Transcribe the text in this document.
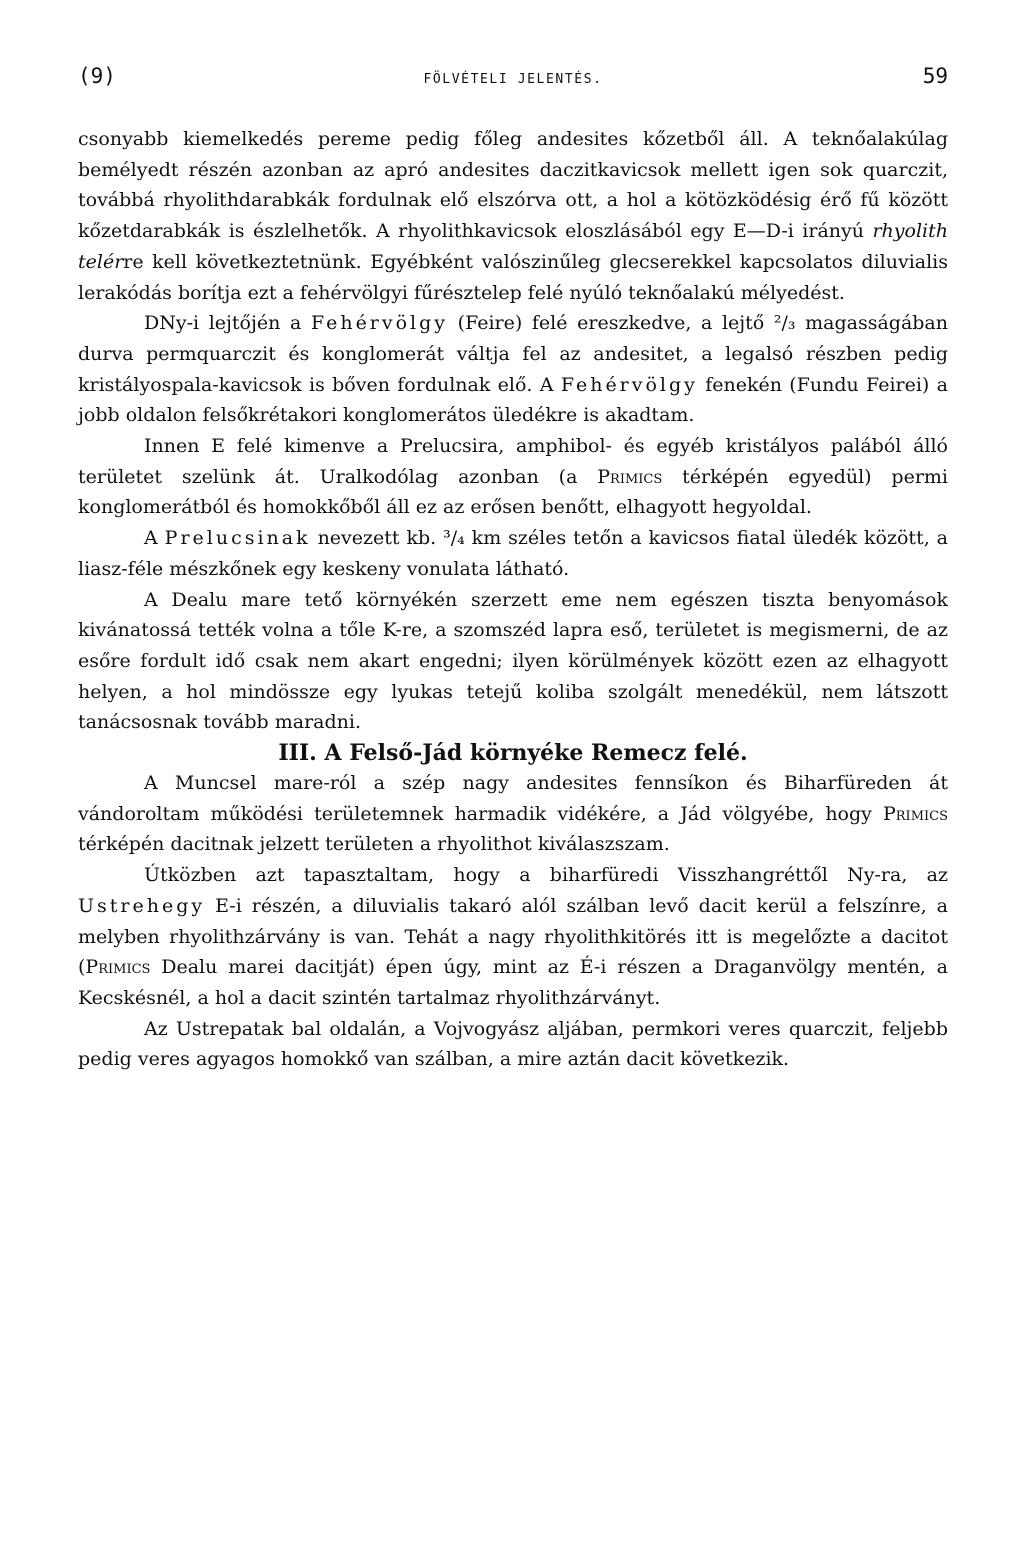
(9)	FÖLVÉTELI JELENTÉS.	59

csonyabb kiemelkedés pereme pedig főleg andesites kőzetből áll. A teknőalakúlag bemélyedt részén azonban az apró andesites daczitkavicsok mellett igen sok quarczit, továbbá rhyolithdarabkák fordulnak elő elszórva ott, a hol a kötözködésig érő fű között kőzetdarabkák is észlelhetők. A rhyolithkavicsok eloszlásából egy E—D-i irányú rhyolith telérre kell következtetnünk. Egyébként valószinűleg glecserekkel kapcsolatos diluvialis lerakódás borítja ezt a fehérvölgyi fűrésztelep felé nyúló teknőalakú mélyedést.

DNy-i lejtőjén a Fehérvölgy (Feire) felé ereszkedve, a lejtő ²/₃ magasságában durva permquarczit és konglomerát váltja fel az andesitet, a legalsó részben pedig kristályospala-kavicsok is bőven fordulnak elő. A Fehérvölgy fenekén (Fundu Feirei) a jobb oldalon felsőkrétakori konglomerátos üledékre is akadtam.

Innen E felé kimenve a Prelucsira, amphibol- és egyéb kristályos palából álló területet szelünk át. Uralkodólag azonban (a Primics térképén egyedül) permi konglomerátból és homokkőből áll ez az erősen benőtt, elhagyott hegyoldal.

A Prelucsinak nevezett kb. ³/₄ km széles tetőn a kavicsos fiatal üledék között, a liasz-féle mészkőnek egy keskeny vonulata látható.

A Dealu mare tető környékén szerzett eme nem egészen tiszta benyomások kivánatossá tették volna a tőle K-re, a szomszéd lapra eső, területet is megismerni, de az esőre fordult idő csak nem akart engedni; ilyen körülmények között ezen az elhagyott helyen, a hol mindössze egy lyukas tetejű koliba szolgált menedékül, nem látszott tanácsosnak tovább maradni.

III. A Felső-Jád környéke Remecz felé.

A Muncsel mare-ról a szép nagy andesites fennsíkon és Biharfüreden át vándoroltam működési területemnek harmadik vidékére, a Jád völgyébe, hogy Primics térképén dacitnak jelzett területen a rhyolithot kiválaszszam.

Útközben azt tapasztaltam, hogy a biharfüredi Visszhangréttől Ny-ra, az Ustrehegy E-i részén, a diluvialis takaró alól szálban levő dacit kerül a felszínre, a melyben rhyolithzárvány is van. Tehát a nagy rhyolithkitörés itt is megelőzte a dacitot (Primics Dealu marei dacitját) épen úgy, mint az É-i részen a Draganvölgy mentén, a Kecskésnél, a hol a dacit szintén tartalmaz rhyolithzárványt.

Az Ustrepatak bal oldalán, a Vojvogyász aljában, permkori veres quarczit, feljebb pedig veres agyagos homokkő van szálban, a mire aztán dacit következik.
